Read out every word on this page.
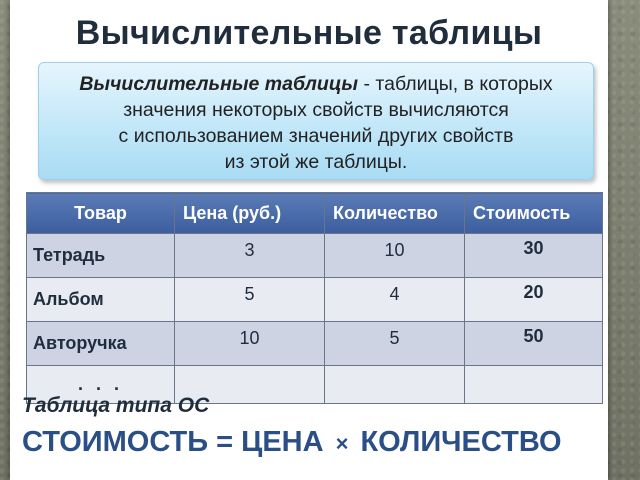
Вычислительные таблицы
Вычислительные таблицы - таблицы, в которых
значения некоторых свойств вычисляются
с использованием значений других свойств
из этой же таблицы.
Товар	Цена (руб.)	Количество	Стоимость
Тетрадь	3	10	30
Альбом	5	4	20
Авторучка	10	5	50
. . .			
Таблица типа ОС
СТОИМОСТЬ = ЦЕНА × КОЛИЧЕСТВО
